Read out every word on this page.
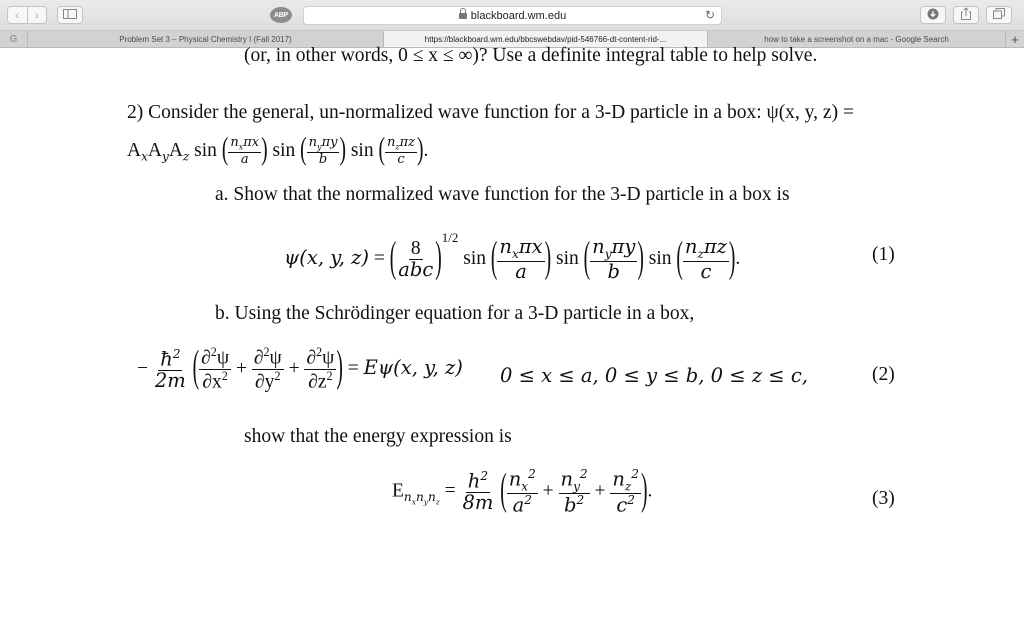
‹	›	ABP	blackboard.wm.edu	↻
G	Problem Set 3 – Physical Chemistry I (Fall 2017)	https://blackboard.wm.edu/bbcswebdav/pid-546766-dt-content-rid-...	how to take a screenshot on a mac - Google Search	+
(or, in other words, 0 ≤ x ≤ ∞)? Use a definite integral table to help solve.
2) Consider the general, un-normalized wave function for a 3-D particle in a box: ψ(x, y, z) =
$A_xA_yA_z$ sin ( $\frac{n_x\pi x}{a}$ ) sin ( $\frac{n_y\pi y}{b}$ ) sin ( $\frac{n_z\pi z}{c}$ ).
a. Show that the normalized wave function for the 3-D particle in a box is
ψ(x, y, z) = ( $\frac{8}{\text{abc}} )^{1/2}$ sin ( $\frac{n_x\pi x}{a}$ ) sin ( $\frac{n_y\pi y}{b}$ ) sin ( $\frac{n_z\pi z}{c}$ ).	(1)
b. Using the Schrödinger equation for a 3-D particle in a box,
− $\frac{ħ^2}{2m}$ ( $\frac{\partial^2\psi}{\partial x^2} + \frac{\partial^2\psi}{\partial y^2} + \frac{\partial^2\psi}{\partial z^2}$ ) = Eψ(x, y, z) 0 ≤ x ≤ a, 0 ≤ y ≤ b, 0 ≤ z ≤ c,	(2)
show that the energy expression is
$E_{n_xn_yn_z} = \frac{h^2}{8m}$ ( $\frac{n_x^2}{a^2} + \frac{n_y^2}{b^2} + \frac{n_z^2}{c^2}$ ).	(3)
